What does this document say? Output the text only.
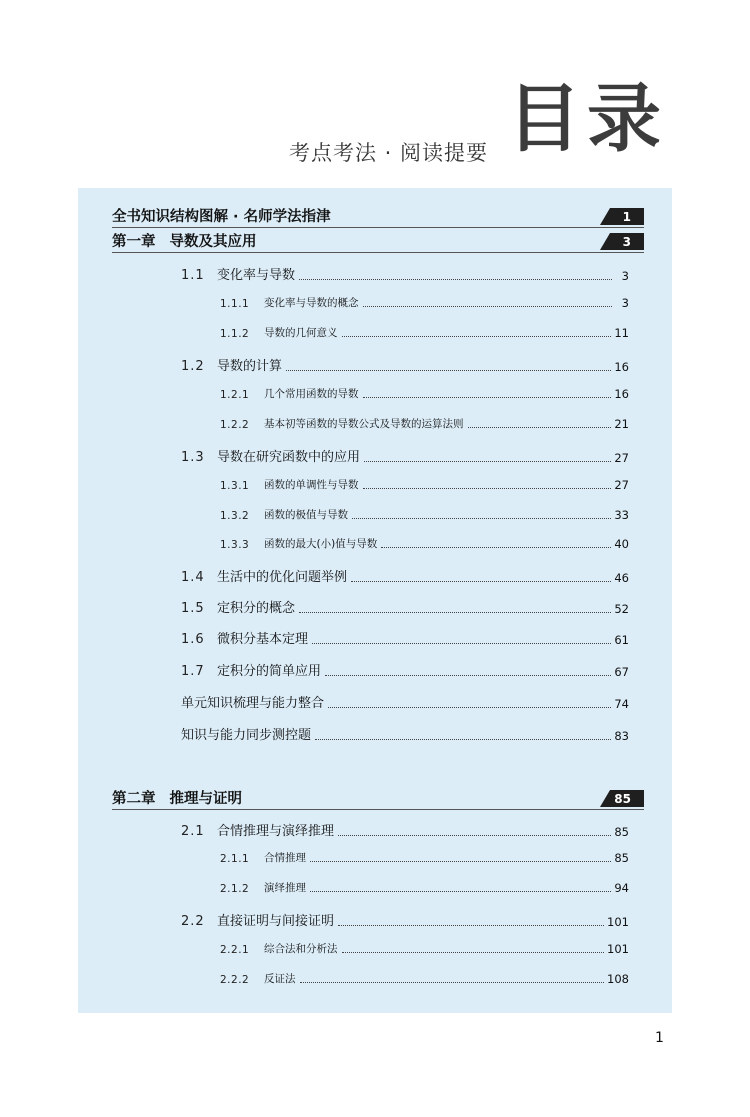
考点考法 · 阅读提要 目录
全书知识结构图解 · 名师学法指津	1
第一章 导数及其应用	3
1.1 变化率与导数	3
1.1.1	变化率与导数的概念	3
1.1.2	导数的几何意义	11
1.2 导数的计算	16
1.2.1	几个常用函数的导数	16
1.2.2	基本初等函数的导数公式及导数的运算法则	21
1.3 导数在研究函数中的应用	27
1.3.1	函数的单调性与导数	27
1.3.2	函数的极值与导数	33
1.3.3	函数的最大(小)值与导数	40
1.4 生活中的优化问题举例	46
1.5 定积分的概念	52
1.6 微积分基本定理	61
1.7 定积分的简单应用	67
单元知识梳理与能力整合	74
知识与能力同步测控题	83
第二章 推理与证明	85
2.1 合情推理与演绎推理	85
2.1.1	合情推理	85
2.1.2	演绎推理	94
2.2 直接证明与间接证明	101
2.2.1	综合法和分析法	101
2.2.2	反证法	108
1
